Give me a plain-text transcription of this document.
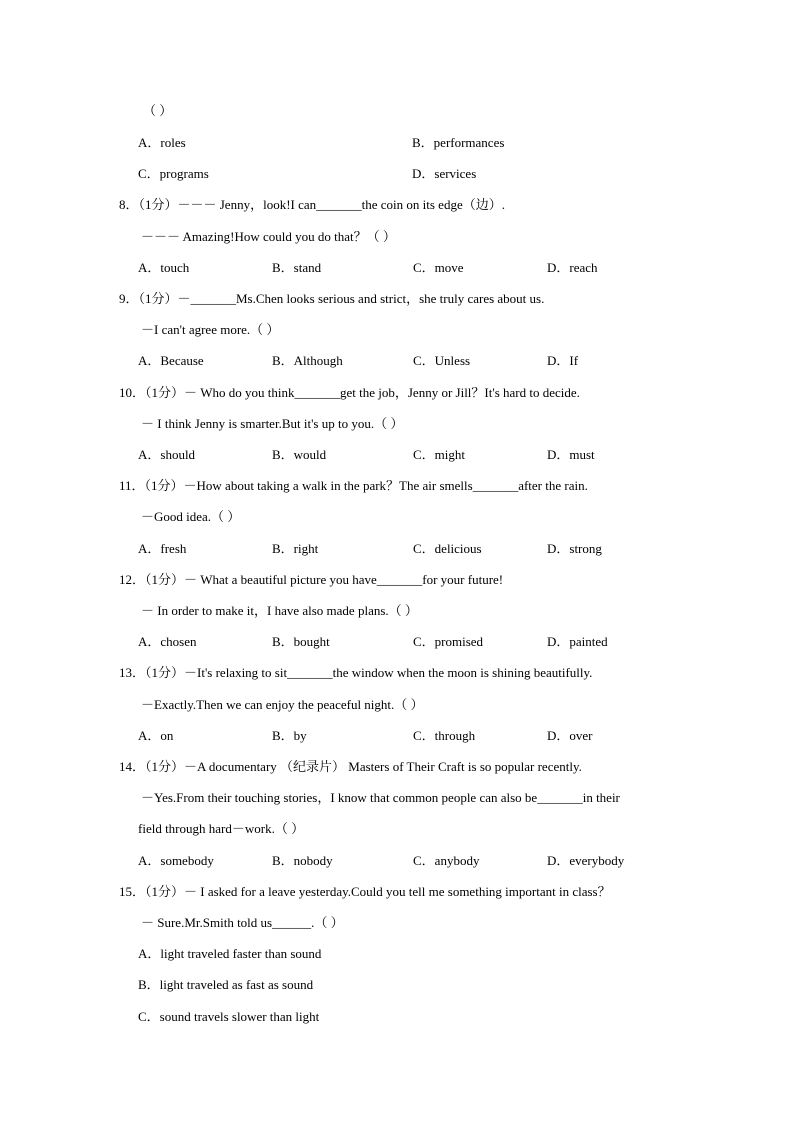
（ ）
A．roles	B．performances
C．programs	D．services
8．（1分）－－－ Jenny，look!I can_______the coin on its edge（边）.
－－－ Amazing!How could you do that？（ ）
A．touch	B．stand	C．move	D．reach
9．（1分）－_______Ms.Chen looks serious and strict，she truly cares about us.
－I can't agree more.（ ）
A．Because	B．Although	C．Unless	D．If
10．（1分）－ Who do you think_______get the job，Jenny or Jill？It's hard to decide.
－ I think Jenny is smarter.But it's up to you.（ ）
A．should	B．would	C．might	D．must
11．（1分）－How about taking a walk in the park？The air smells_______after the rain.
－Good idea.（ ）
A．fresh	B．right	C．delicious	D．strong
12．（1分）－ What a beautiful picture you have_______for your future!
－ In order to make it，I have also made plans.（ ）
A．chosen	B．bought	C．promised	D．painted
13．（1分）－It's relaxing to sit_______the window when the moon is shining beautifully.
－Exactly.Then we can enjoy the peaceful night.（ ）
A．on	B．by	C．through	D．over
14．（1分）－A documentary （纪录片） Masters of Their Craft is so popular recently.
－Yes.From their touching stories，I know that common people can also be_______in their
field through hard－work.（ ）
A．somebody	B．nobody	C．anybody	D．everybody
15．（1分）－ I asked for a leave yesterday.Could you tell me something important in class？
－ Sure.Mr.Smith told us______.（ ）
A．light traveled faster than sound
B．light traveled as fast as sound
C．sound travels slower than light
